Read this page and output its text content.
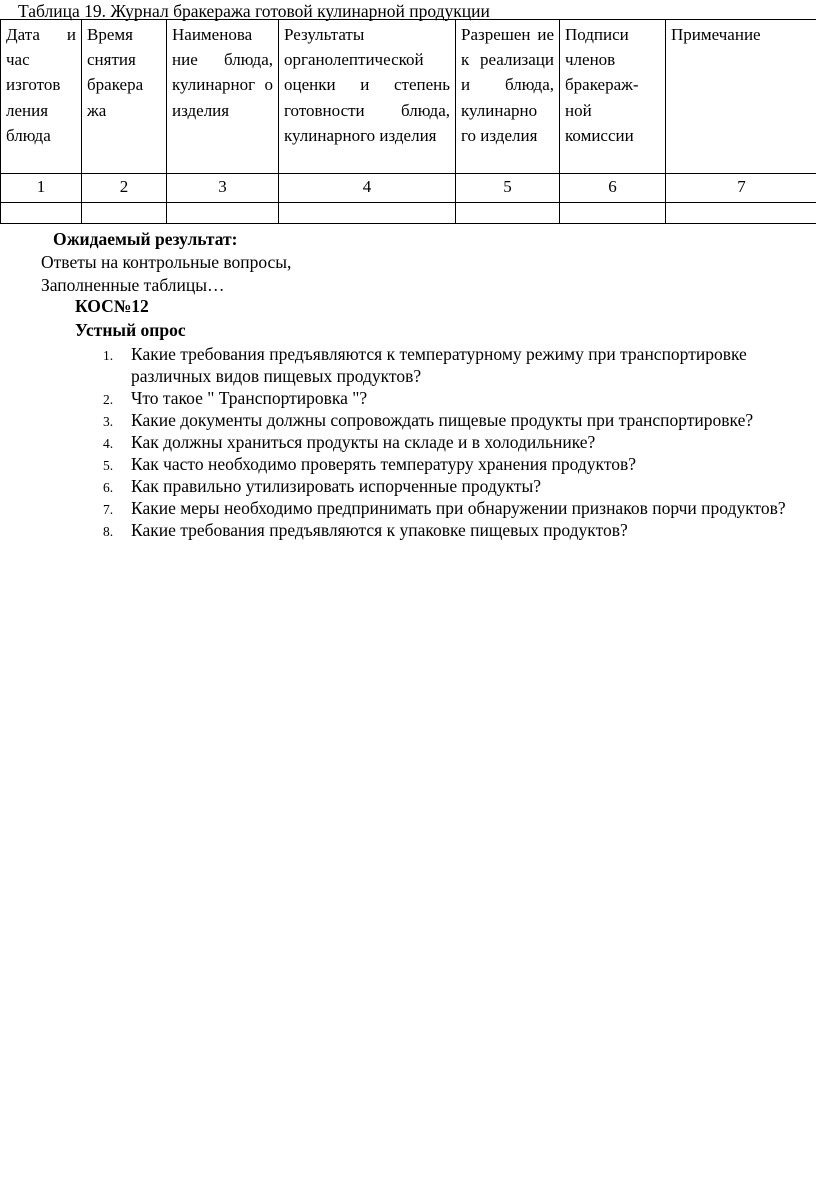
Таблица 19. Журнал бракеража готовой кулинарной продукции
Дата и час изготов ления блюда	Время снятия бракера жа	Наименова ние блюда, кулинарног о изделия	Результаты органолептической оценки и степень готовности блюда, кулинарного изделия	Разрешен ие к реализаци и блюда, кулинарно го изделия	Подписи членов бракераж-ной комиссии	Примечание
1	2	3	4	5	6	7

Ожидаемый результат:
Ответы на контрольные вопросы,
Заполненные таблицы…
КОС№12
Устный опрос
1. Какие требования предъявляются к температурному режиму при транспортировке различных видов пищевых продуктов?
2. Что такое " Транспортировка "?
3. Какие документы должны сопровождать пищевые продукты при транспортировке?
4. Как должны храниться продукты на складе и в холодильнике?
5. Как часто необходимо проверять температуру хранения продуктов?
6. Как правильно утилизировать испорченные продукты?
7. Какие меры необходимо предпринимать при обнаружении признаков порчи продуктов?
8. Какие требования предъявляются к упаковке пищевых продуктов?
